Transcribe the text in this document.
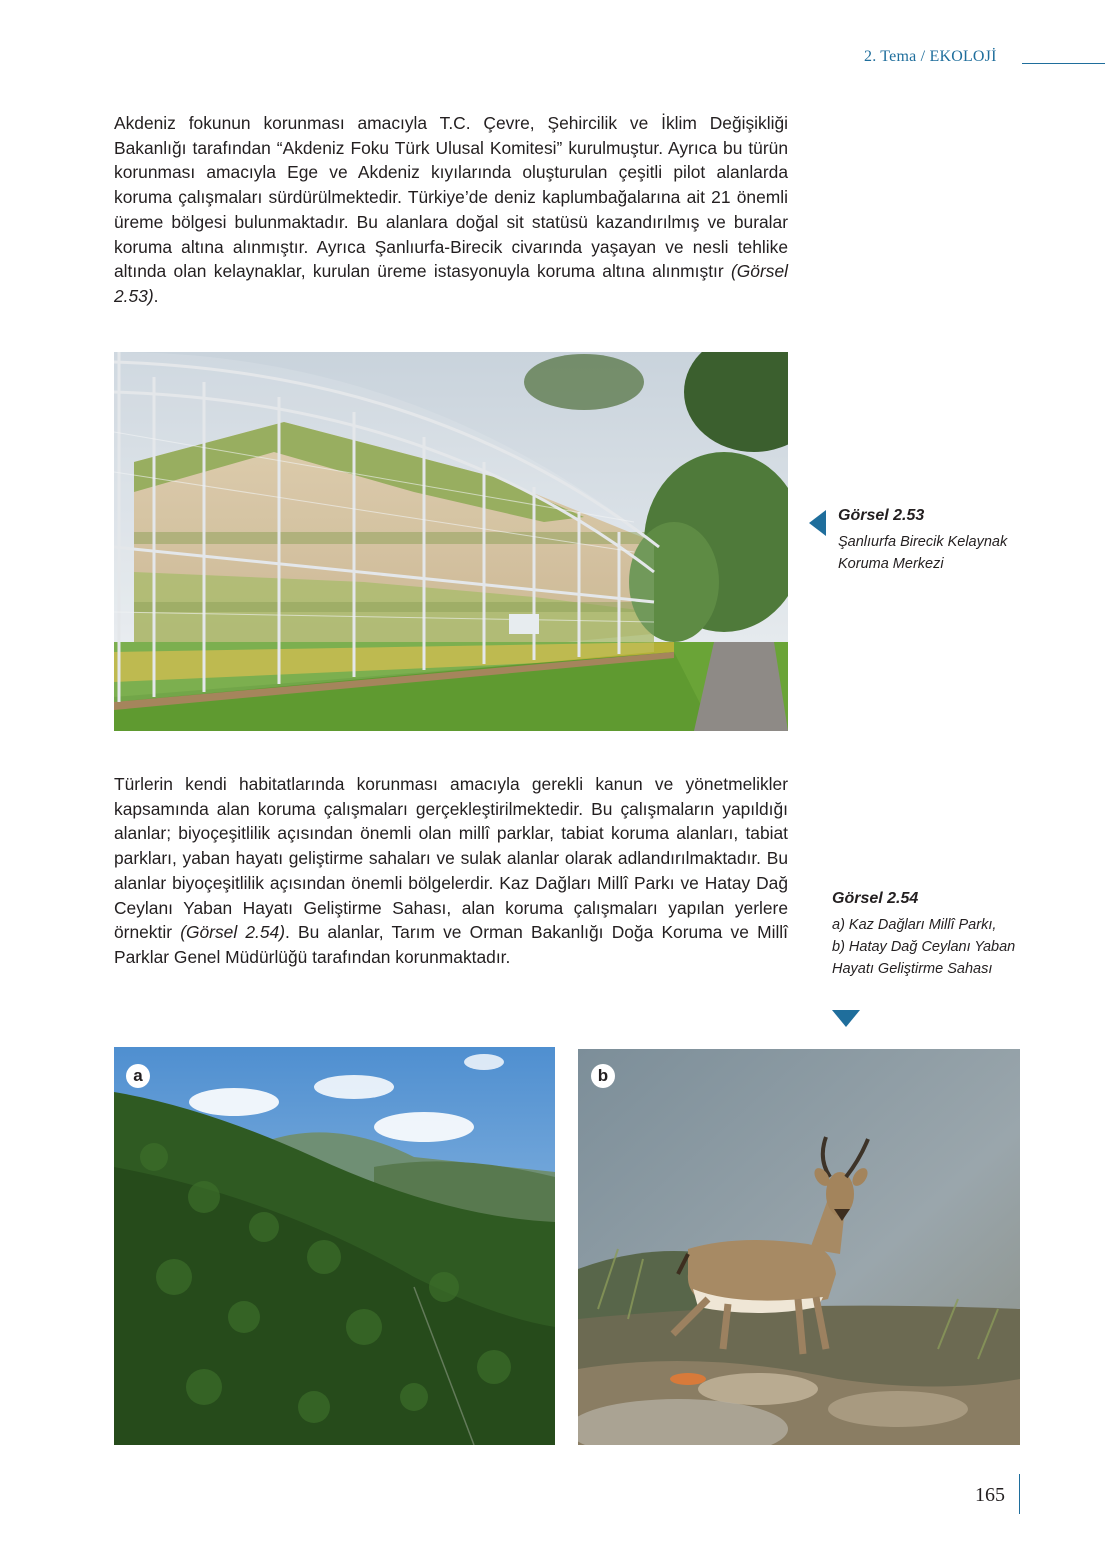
2. Tema / EKOLOJİ

Akdeniz fokunun korunması amacıyla T.C. Çevre, Şehircilik ve İklim Değişikliği Bakanlığı tarafından “Akdeniz Foku Türk Ulusal Komitesi” kurulmuştur. Ayrıca bu türün korunması amacıyla Ege ve Akdeniz kıyılarında oluşturulan çeşitli pilot alanlarda koruma çalışmaları sürdürülmektedir. Türkiye’de deniz kaplumbağalarına ait 21 önemli üreme bölgesi bulunmaktadır. Bu alanlara doğal sit statüsü kazandırılmış ve buralar koruma altına alınmıştır. Ayrıca Şanlıurfa-Birecik civarında yaşayan ve nesli tehlike altında olan kelaynaklar, kurulan üreme istasyonuyla koruma altına alınmıştır (Görsel 2.53).

Görsel 2.53
Şanlıurfa Birecik Kelaynak Koruma Merkezi

Türlerin kendi habitatlarında korunması amacıyla gerekli kanun ve yönetmelikler kapsamında alan koruma çalışmaları gerçekleştirilmektedir. Bu çalışmaların yapıldığı alanlar; biyoçeşitlilik açısından önemli olan millî parklar, tabiat koruma alanları, tabiat parkları, yaban hayatı geliştirme sahaları ve sulak alanlar olarak adlandırılmaktadır. Bu alanlar biyoçeşitlilik açısından önemli bölgelerdir. Kaz Dağları Millî Parkı ve Hatay Dağ Ceylanı Yaban Hayatı Geliştirme Sahası, alan koruma çalışmaları yapılan yerlere örnektir (Görsel 2.54). Bu alanlar, Tarım ve Orman Bakanlığı Doğa Koruma ve Millî Parklar Genel Müdürlüğü tarafından korunmaktadır.

Görsel 2.54
a) Kaz Dağları Millî Parkı,
b) Hatay Dağ Ceylanı Yaban Hayatı Geliştirme Sahası
a	b
165
